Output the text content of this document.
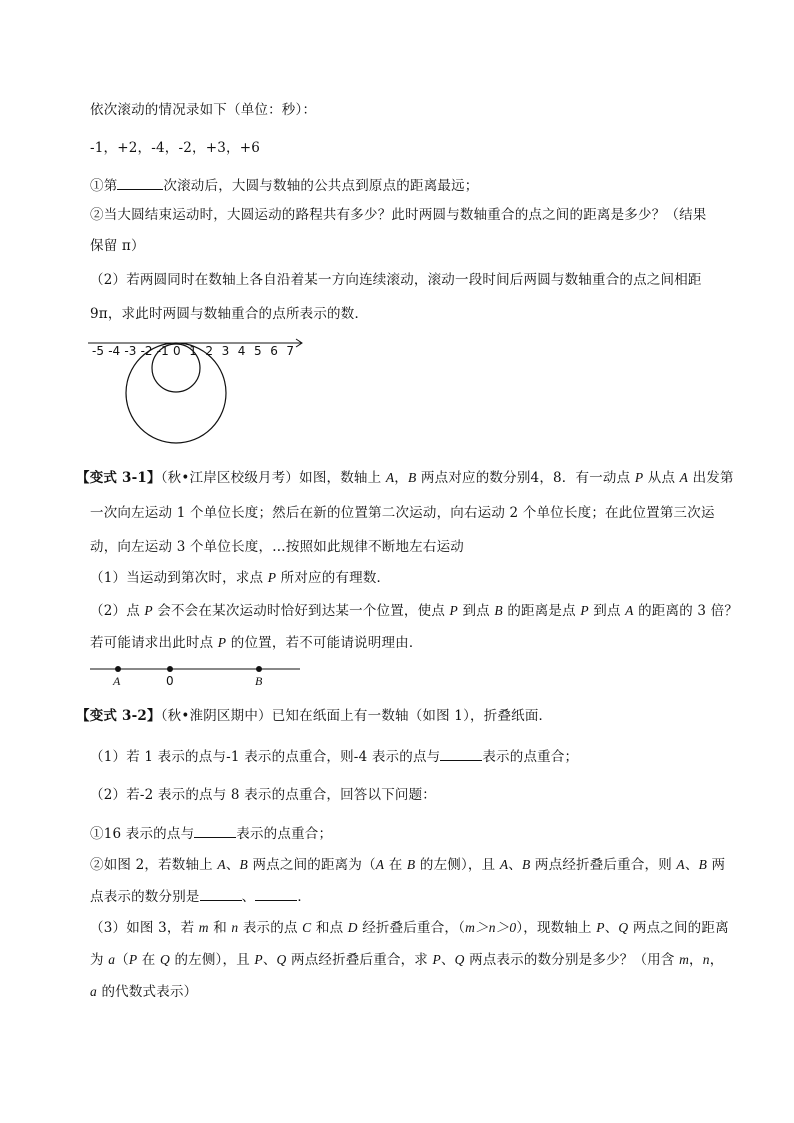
依次滚动的情况录如下（单位：秒）：
-1，+2，-4，-2，+3，+6
①第	次滚动后，大圆与数轴的公共点到原点的距离最远；
②当大圆结束运动时，大圆运动的路程共有多少？此时两圆与数轴重合的点之间的距离是多少？（结果
保留 π）
（2）若两圆同时在数轴上各自沿着某一方向连续滚动，滚动一段时间后两圆与数轴重合的点之间相距
9π，求此时两圆与数轴重合的点所表示的数．
-5 -4 -3 -2 -1 0 1 2 3 4 5 6 7
A	0	B
【变式 3-1】（秋•江岸区校级月考）如图，数轴上 A，B 两点对应的数分别4，8．有一动点 P 从点 A 出发第
一次向左运动 1 个单位长度；然后在新的位置第二次运动，向右运动 2 个单位长度；在此位置第三次运
动，向左运动 3 个单位长度，…按照如此规律不断地左右运动
（1）当运动到第次时，求点 P 所对应的有理数．
（2）点 P 会不会在某次运动时恰好到达某一个位置，使点 P 到点 B 的距离是点 P 到点 A 的距离的 3 倍？
若可能请求出此时点 P 的位置，若不可能请说明理由．
【变式 3-2】（秋•淮阴区期中）已知在纸面上有一数轴（如图 1），折叠纸面．
（1）若 1 表示的点与-1 表示的点重合，则-4 表示的点与	表示的点重合；
（2）若-2 表示的点与 8 表示的点重合，回答以下问题：
①16 表示的点与	表示的点重合；
②如图 2，若数轴上 A、B 两点之间的距离为（A 在 B 的左侧），且 A、B 两点经折叠后重合，则 A、B 两
点表示的数分别是	、	．
（3）如图 3，若 m 和 n 表示的点 C 和点 D 经折叠后重合，（m＞n＞0），现数轴上 P、Q 两点之间的距离
为 a（P 在 Q 的左侧），且 P、Q 两点经折叠后重合，求 P、Q 两点表示的数分别是多少？（用含 m，n，
a 的代数式表示）
